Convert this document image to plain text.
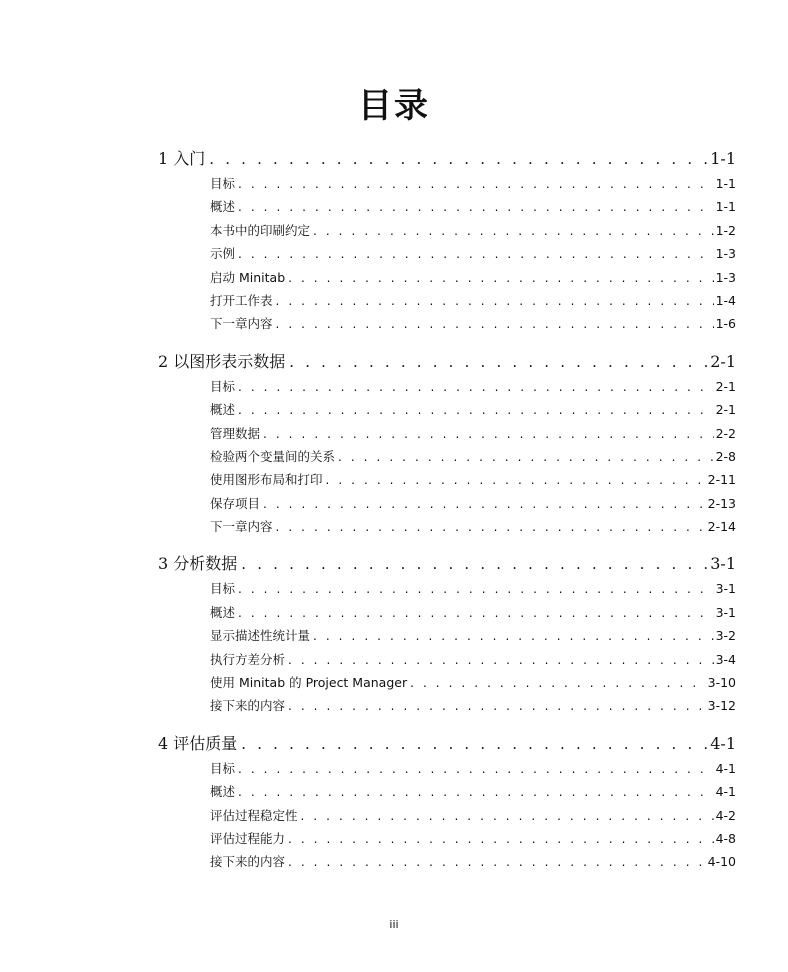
目录
1 入门 . . .	1-1
目标 . . .	1-1
概述 . . .	1-1
本书中的印刷约定 . . .	1-2
示例 . . .	1-3
启动 Minitab . . .	1-3
打开工作表 . . .	1-4
下一章内容 . . .	1-6
2 以图形表示数据 . . .	2-1
目标 . . .	2-1
概述 . . .	2-1
管理数据 . . .	2-2
检验两个变量间的关系 . . .	2-8
使用图形布局和打印 . . .	2-11
保存项目 . . .	2-13
下一章内容 . . .	2-14
3 分析数据 . . .	3-1
目标 . . .	3-1
概述 . . .	3-1
显示描述性统计量 . . .	3-2
执行方差分析 . . .	3-4
使用 Minitab 的 Project Manager . . .	3-10
接下来的内容 . . .	3-12
4 评估质量 . . .	4-1
目标 . . .	4-1
概述 . . .	4-1
评估过程稳定性 . . .	4-2
评估过程能力 . . .	4-8
接下来的内容 . . .	4-10
iii
